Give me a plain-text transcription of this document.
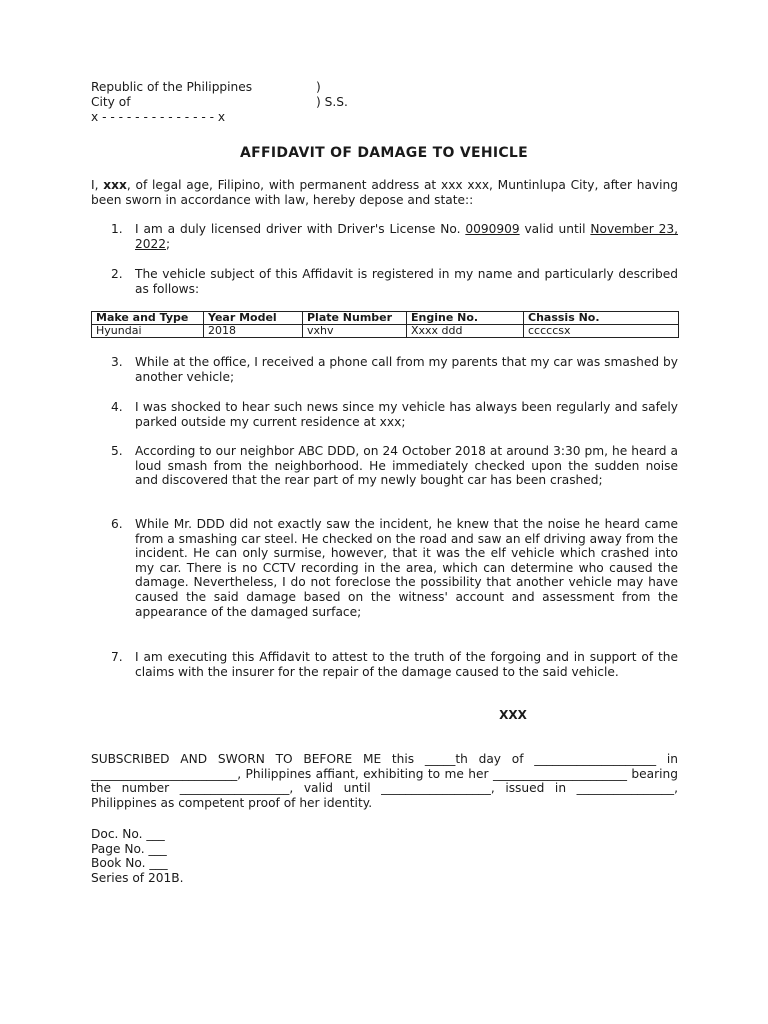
Republic of the Philippines	)
City of	) S.S.
x - - - - - - - - - - - - - - x
AFFIDAVIT OF DAMAGE TO VEHICLE
I, xxx, of legal age, Filipino, with permanent address at xxx xxx, Muntinlupa City, after having been sworn in accordance with law, hereby depose and state::
1.	I am a duly licensed driver with Driver's License No. 0090909 valid until November 23, 2022;
2.	The vehicle subject of this Affidavit is registered in my name and particularly described as follows:
Make and Type	Year Model	Plate Number	Engine No.	Chassis No.
Hyundai	2018	vxhv	Xxxx ddd	cccccsx
3.	While at the office, I received a phone call from my parents that my car was smashed by another vehicle;
4.	I was shocked to hear such news since my vehicle has always been regularly and safely parked outside my current residence at xxx;
5.	According to our neighbor ABC DDD, on 24 October 2018 at around 3:30 pm, he heard a loud smash from the neighborhood. He immediately checked upon the sudden noise and discovered that the rear part of my newly bought car has been crashed;
6.	While Mr. DDD did not exactly saw the incident, he knew that the noise he heard came from a smashing car steel. He checked on the road and saw an elf driving away from the incident. He can only surmise, however, that it was the elf vehicle which crashed into my car. There is no CCTV recording in the area, which can determine who caused the damage. Nevertheless, I do not foreclose the possibility that another vehicle may have caused the said damage based on the witness' account and assessment from the appearance of the damaged surface;
7.	I am executing this Affidavit to attest to the truth of the forgoing and in support of the claims with the insurer for the repair of the damage caused to the said vehicle.
XXX
SUBSCRIBED AND SWORN TO BEFORE ME this _____th day of ____________________ in ________________________, Philippines affiant, exhibiting to me her ______________________ bearing the number __________________, valid until __________________, issued in ________________, Philippines as competent proof of her identity.
Doc. No. ___
Page No. ___
Book No. ___
Series of 201B.
